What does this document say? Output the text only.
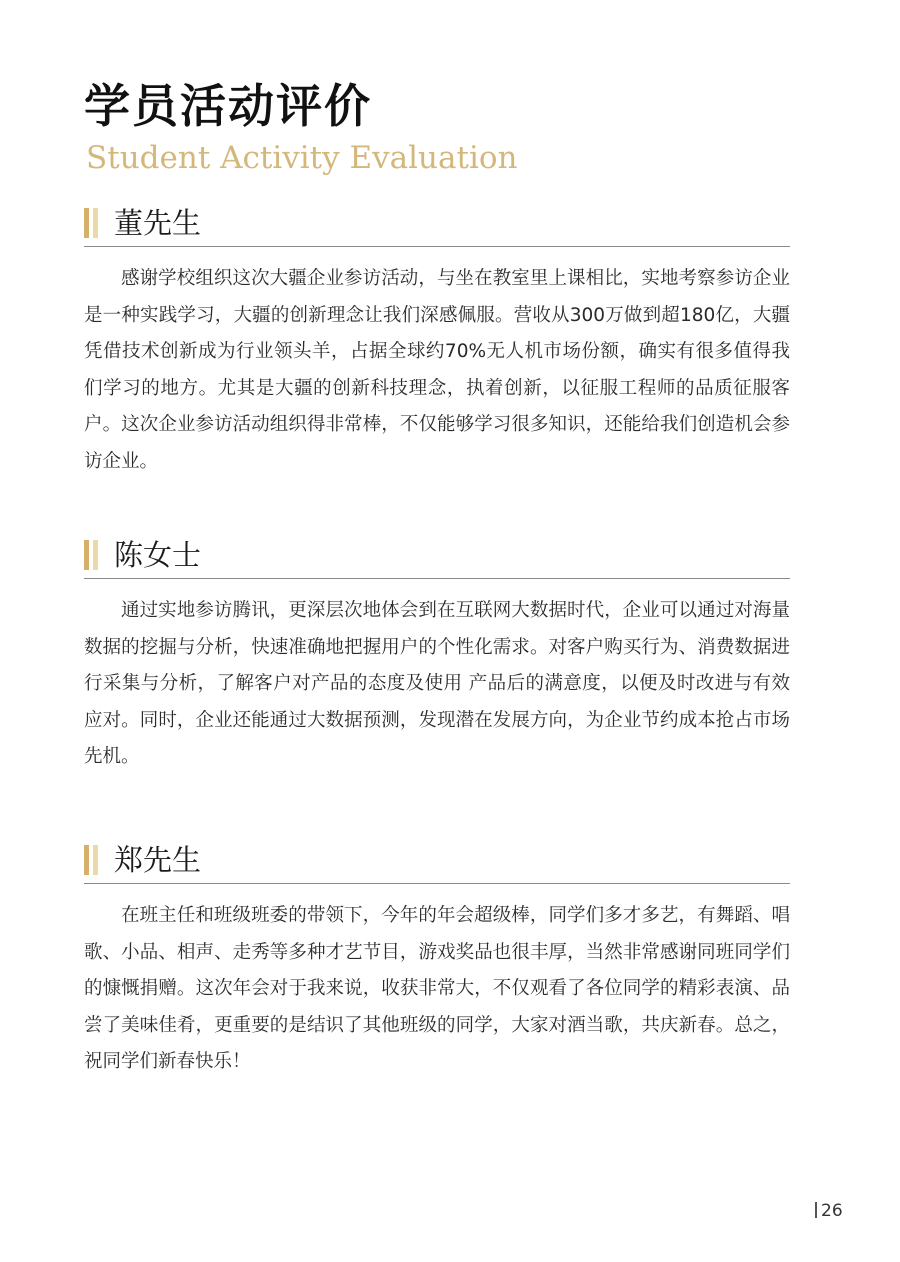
学员活动评价
Student Activity Evaluation
董先生

感谢学校组织这次大疆企业参访活动，与坐在教室里上课相比，实地考察参访企业是一种实践学习，大疆的创新理念让我们深感佩服。营收从300万做到超180亿，大疆凭借技术创新成为行业领头羊，占据全球约70%无人机市场份额，确实有很多值得我们学习的地方。尤其是大疆的创新科技理念，执着创新，以征服工程师的品质征服客户。这次企业参访活动组织得非常棒，不仅能够学习很多知识，还能给我们创造机会参访企业。

陈女士

通过实地参访腾讯，更深层次地体会到在互联网大数据时代，企业可以通过对海量数据的挖掘与分析，快速准确地把握用户的个性化需求。对客户购买行为、消费数据进行采集与分析，了解客户对产品的态度及使用 产品后的满意度，以便及时改进与有效应对。同时，企业还能通过大数据预测，发现潜在发展方向，为企业节约成本抢占市场先机。

郑先生

在班主任和班级班委的带领下，今年的年会超级棒，同学们多才多艺，有舞蹈、唱歌、小品、相声、走秀等多种才艺节目，游戏奖品也很丰厚，当然非常感谢同班同学们的慷慨捐赠。这次年会对于我来说，收获非常大，不仅观看了各位同学的精彩表演、品尝了美味佳肴，更重要的是结识了其他班级的同学，大家对酒当歌，共庆新春。总之，祝同学们新春快乐！

26
